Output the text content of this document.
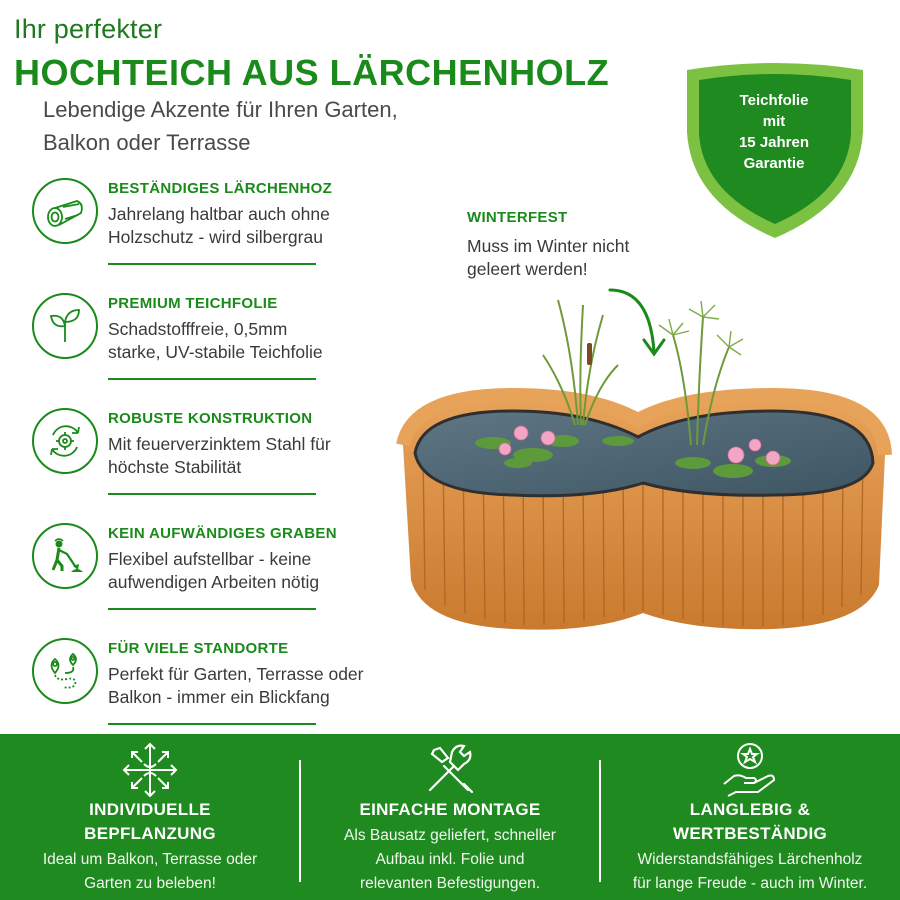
Ihr perfekter
HOCHTEICH AUS LÄRCHENHOLZ
Lebendige Akzente für Ihren Garten,
Balkon oder Terrasse
Teichfolie
mit
15 Jahren
Garantie
BESTÄNDIGES LÄRCHENHOZ
Jahrelang haltbar auch ohne
Holzschutz - wird silbergrau
PREMIUM TEICHFOLIE
Schadstofffreie, 0,5mm
starke, UV-stabile Teichfolie
ROBUSTE KONSTRUKTION
Mit feuerverzinktem Stahl für
höchste Stabilität
KEIN AUFWÄNDIGES GRABEN
Flexibel aufstellbar - keine
aufwendigen Arbeiten nötig
FÜR VIELE STANDORTE
Perfekt für Garten, Terrasse oder
Balkon - immer ein Blickfang
WINTERFEST
Muss im Winter nicht
geleert werden!
INDIVIDUELLE
BEPFLANZUNG
Ideal um Balkon, Terrasse oder
Garten zu beleben!
EINFACHE MONTAGE
Als Bausatz geliefert, schneller
Aufbau inkl. Folie und
relevanten Befestigungen.
LANGLEBIG &
WERTBESTÄNDIG
Widerstandsfähiges Lärchenholz
für lange Freude - auch im Winter.
